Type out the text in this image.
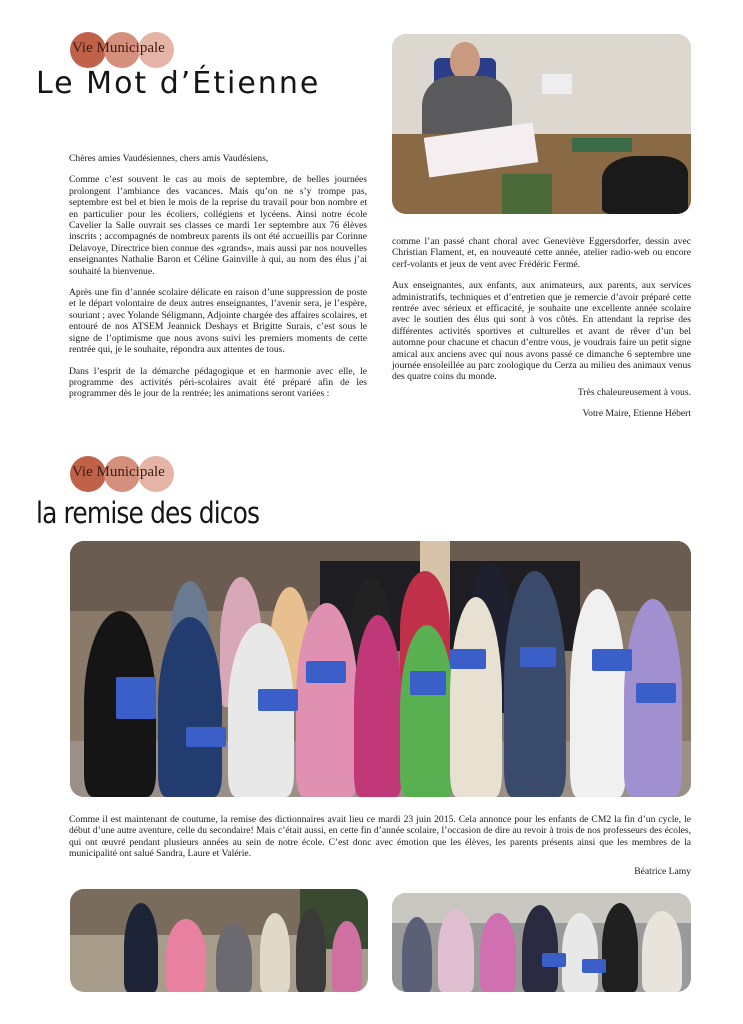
Vie Municipale
Le Mot d’Étienne

Chères amies Vaudésiennes, chers amis Vaudésiens,

Comme c’est souvent le cas au mois de septembre, de belles journées prolongent l’ambiance des vacances. Mais qu’on ne s’y trompe pas, septembre est bel et bien le mois de la reprise du travail pour bon nombre et en particulier pour les écoliers, collégiens et lycéens. Ainsi notre école Cavelier la Salle ouvrait ses classes ce mardi 1er septembre aux 76 élèves inscrits ; accompagnés de nombreux parents ils ont été accueillis par Corinne Delavoye, Directrice bien connue des «grands», mais aussi par nos nouvelles enseignantes Nathalie Baron et Céline Gainville à qui, au nom des élus j’ai souhaité la bienvenue.

Après une fin d’année scolaire délicate en raison d’une suppression de poste et le départ volontaire de deux autres enseignantes, l’avenir sera, je l’espère, souriant ; avec Yolande Séligmann, Adjointe chargée des affaires scolaires, et entouré de nos ATSEM Jeannick Deshays et Brigitte Surais, c’est sous le signe de l’optimisme que nous avons suivi les premiers moments de cette rentrée qui, je le souhaite, répondra aux attentes de tous.

Dans l’esprit de la démarche pédagogique et en harmonie avec elle, le programme des activités péri-scolaires avait été préparé afin de les programmer dès le jour de la rentrée; les animations seront variées :

comme l’an passé chant choral avec Geneviève Eggersdorfer, dessin avec Christian Flament, et, en nouveauté cette année, atelier radio-web ou encore cerf-volants et jeux de vent avec Frédéric Fermé.

Aux enseignantes, aux enfants, aux animateurs, aux parents, aux services administratifs, techniques et d’entretien que je remercie d’avoir préparé cette rentrée avec sérieux et efficacité, je souhaite une excellente année scolaire avec le soutien des élus qui sont à vos côtés. En attendant la reprise des différentes activités sportives et culturelles et avant de rêver d’un bel automne pour chacune et chacun d’entre vous, je voudrais faire un petit signe amical aux anciens avec qui nous avons passé ce dimanche 6 septembre une journée ensoleillée au parc zoologique du Cerza au milieu des animaux venus des quatre coins du monde.

Très chaleureusement à vous.

Votre Maire, Etienne Hébert

Vie Municipale
la remise des dicos

Comme il est maintenant de coutume, la remise des dictionnaires avait lieu ce mardi 23 juin 2015. Cela annonce pour les enfants de CM2 la fin d’un cycle, le début d’une autre aventure, celle du secondaire! Mais c’était aussi, en cette fin d’année scolaire, l’occasion de dire au revoir à trois de nos professeurs des écoles, qui ont œuvré pendant plusieurs années au sein de notre école. C’est donc avec émotion que les élèves, les parents présents ainsi que les membres de la municipalité ont salué Sandra, Laure et Valérie.

Béatrice Lamy
